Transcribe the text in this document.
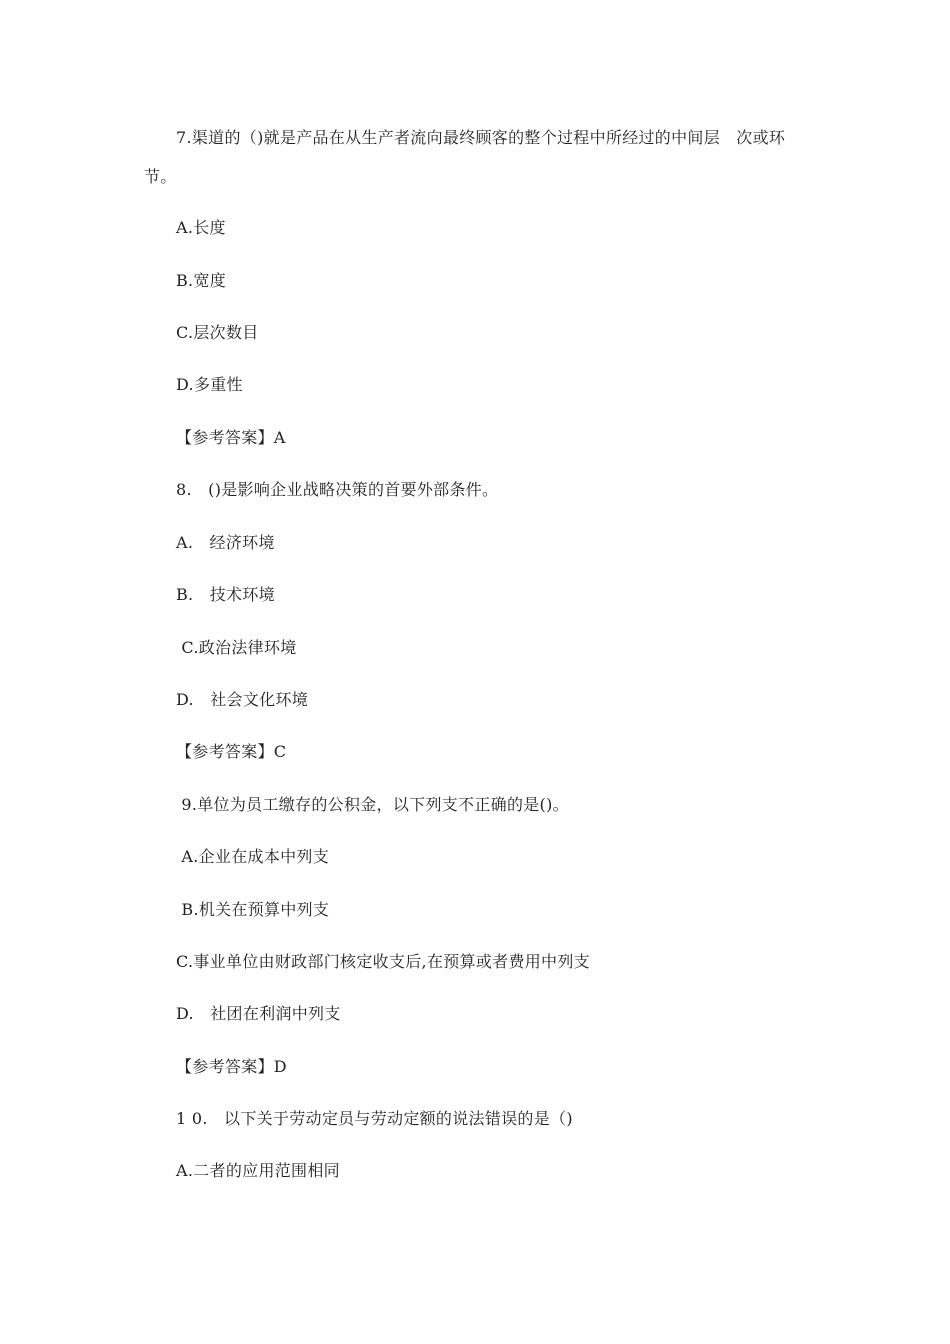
7.渠道的（)就是产品在从生产者流向最终顾客的整个过程中所经过的中间层　次或环
节。
A.长度
B.宽度
C.层次数目
D.多重性
【参考答案】A
8.　()是影响企业战略决策的首要外部条件。
A.　经济环境
B.　技术环境
C.政治法律环境
D.　社会文化环境
【参考答案】C
9.单位为员工缴存的公积金，以下列支不正确的是()。
A.企业在成本中列支
B.机关在预算中列支
C.事业单位由财政部门核定收支后,在预算或者费用中列支
D.　社团在利润中列支
【参考答案】D
1 0.　以下关于劳动定员与劳动定额的说法错误的是（)
A.二者的应用范围相同
